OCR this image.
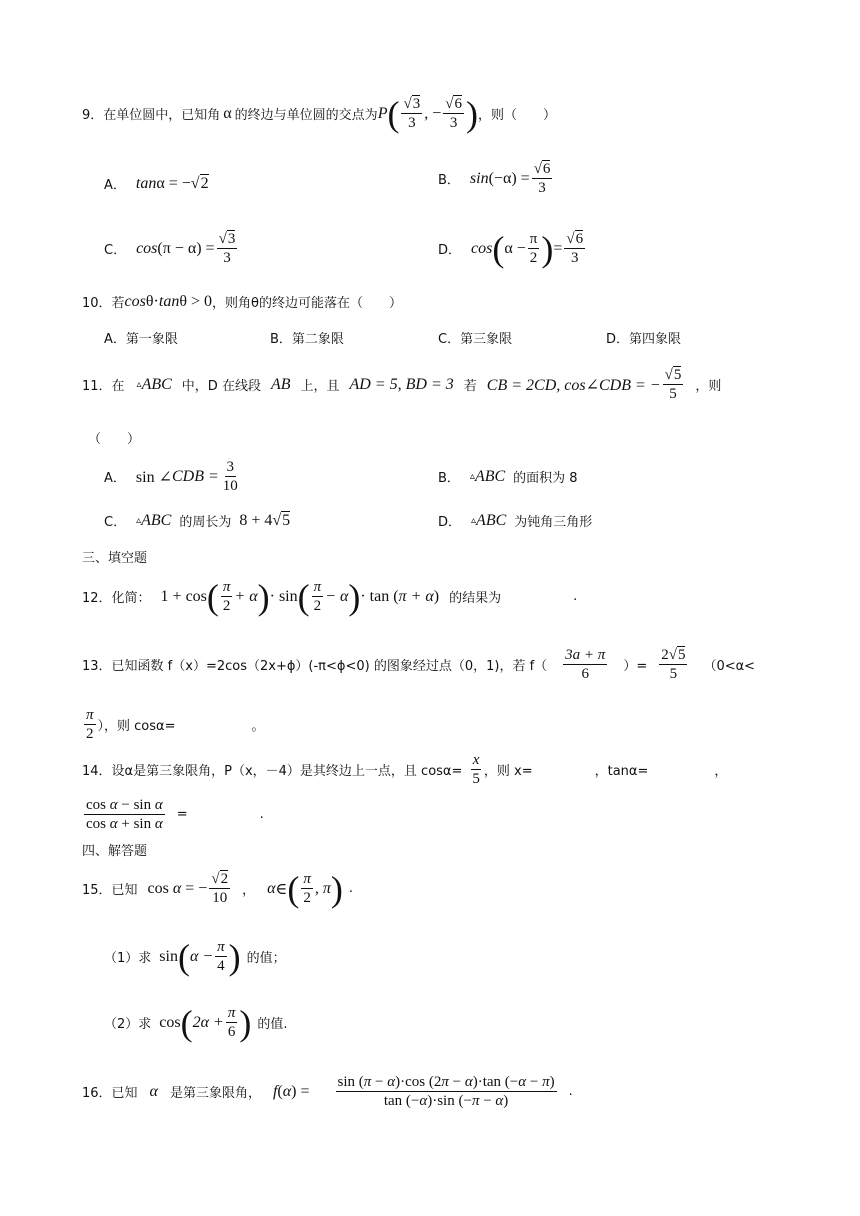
9．在单位圆中，已知角 α 的终边与单位圆的交点为 P ( $\frac{√3}{3}$ , − $\frac{√6}{3}$ ) ，则（　　）
A． tan α = −√2	B． $\sin (-\alpha) = \frac{√6}{3}$
C． $\cos (\pi - \alpha) = \frac{√3}{3}$	D． cos ( $\alpha - \frac{\pi}{2}$ ) = $\frac{√6}{3}$
10．若 cos θ· tan θ > 0 ，则角θ的终边可能落在（　　）
A．第一象限	B．第二象限	C．第三象限	D．第四象限
11．在 ▵ ABC 中，D 在线段 AB 上，且 AD = 5, BD = 3 若 CB = 2CD, cos∠CDB = − $\frac{√5}{5}$ ，则
（　　）
A． sin ∠ CDB = $\frac{3}{10}$	B． ▵ ABC 的面积为 8
C． ▵ ABC 的周长为 8 + 4 √5	D． ▵ ABC 为钝角三角形
三、填空题
12．化简： 1 + cos ( $\frac{\pi}{2} + \alpha$ ) · sin ( $\frac{\pi}{2} - \alpha$ ) · tan ( π + α ) 的结果为	.
13．已知函数 f（x）=2cos（2x+ϕ）(-π<ϕ<0) 的图象经过点（0，1)，若 $f( \frac{3a + \pi}{6}$ ）= $\frac{2√5}{5} (0<\alpha<$
$\frac{\pi}{2}$ ），则 cosα=	。
14．设α是第三象限角，P（x，－4）是其终边上一点，且 $\cos\alpha= \frac{x}{5}$ ，则 x=	，tanα=	，
$\frac{\text{cos α − sin α}}{\text{cos α + sin α}}$ =	.
四、解答题
15．已知 cos α = − $\frac{√2}{10}$ ， α ∈ ( $\frac{\pi}{2}$ , π ) .
（1）求 sin ( $\alpha - \frac{\pi}{4}$ ) 的值；
（2）求 cos ( $2\alpha + \frac{\pi}{6}$ ) 的值.
16．已知 α 是第三象限角， f ( α ) = $\frac{\sin (\pi - \alpha)\cdot\cos (2\pi - \alpha)\cdot\tan (-\alpha - \pi)}{\tan (-\alpha)\cdot\sin (-\pi - \alpha)}$ .
